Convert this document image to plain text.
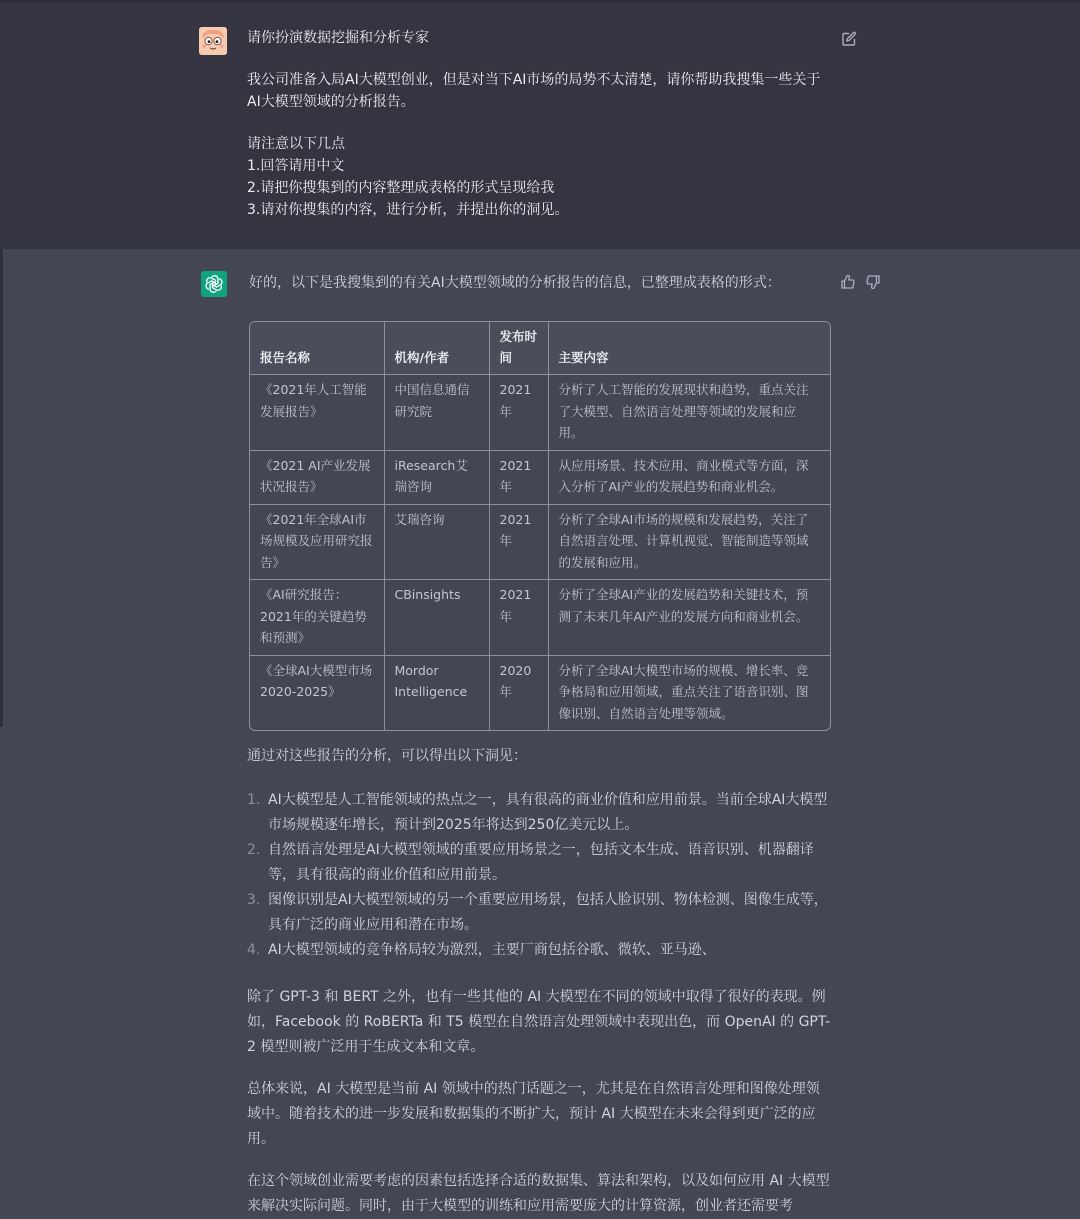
请你扮演数据挖掘和分析专家

我公司准备入局AI大模型创业，但是对当下AI市场的局势不太清楚，请你帮助我搜集一些关于AI大模型领域的分析报告。

请注意以下几点

1.回答请用中文

2.请把你搜集到的内容整理成表格的形式呈现给我

3.请对你搜集的内容，进行分析，并提出你的洞见。

好的，以下是我搜集到的有关AI大模型领域的分析报告的信息，已整理成表格的形式：

报告名称	机构/作者	发布时间	主要内容
《2021年人工智能发展报告》	中国信息通信研究院	2021年	分析了人工智能的发展现状和趋势，重点关注了大模型、自然语言处理等领域的发展和应用。
《2021 AI产业发展状况报告》	iResearch艾瑞咨询	2021年	从应用场景、技术应用、商业模式等方面，深入分析了AI产业的发展趋势和商业机会。
《2021年全球AI市场规模及应用研究报告》	艾瑞咨询	2021年	分析了全球AI市场的规模和发展趋势，关注了自然语言处理、计算机视觉、智能制造等领域的发展和应用。
《AI研究报告：2021年的关键趋势和预测》	CBinsights	2021年	分析了全球AI产业的发展趋势和关键技术，预测了未来几年AI产业的发展方向和商业机会。
《全球AI大模型市场2020-2025》	Mordor Intelligence	2020年	分析了全球AI大模型市场的规模、增长率、竞争格局和应用领域，重点关注了语音识别、图像识别、自然语言处理等领域。

通过对这些报告的分析，可以得出以下洞见：

1. AI大模型是人工智能领域的热点之一，具有很高的商业价值和应用前景。当前全球AI大模型市场规模逐年增长，预计到2025年将达到250亿美元以上。
2. 自然语言处理是AI大模型领域的重要应用场景之一，包括文本生成、语音识别、机器翻译等，具有很高的商业价值和应用前景。
3. 图像识别是AI大模型领域的另一个重要应用场景，包括人脸识别、物体检测、图像生成等，具有广泛的商业应用和潜在市场。
4. AI大模型领域的竞争格局较为激烈，主要厂商包括谷歌、微软、亚马逊、

除了 GPT-3 和 BERT 之外，也有一些其他的 AI 大模型在不同的领域中取得了很好的表现。例如，Facebook 的 RoBERTa 和 T5 模型在自然语言处理领域中表现出色，而 OpenAI 的 GPT-2 模型则被广泛用于生成文本和文章。

总体来说，AI 大模型是当前 AI 领域中的热门话题之一，尤其是在自然语言处理和图像处理领域中。随着技术的进一步发展和数据集的不断扩大，预计 AI 大模型在未来会得到更广泛的应用。

在这个领域创业需要考虑的因素包括选择合适的数据集、算法和架构，以及如何应用 AI 大模型来解决实际问题。同时，由于大模型的训练和应用需要庞大的计算资源，创业者还需要考
